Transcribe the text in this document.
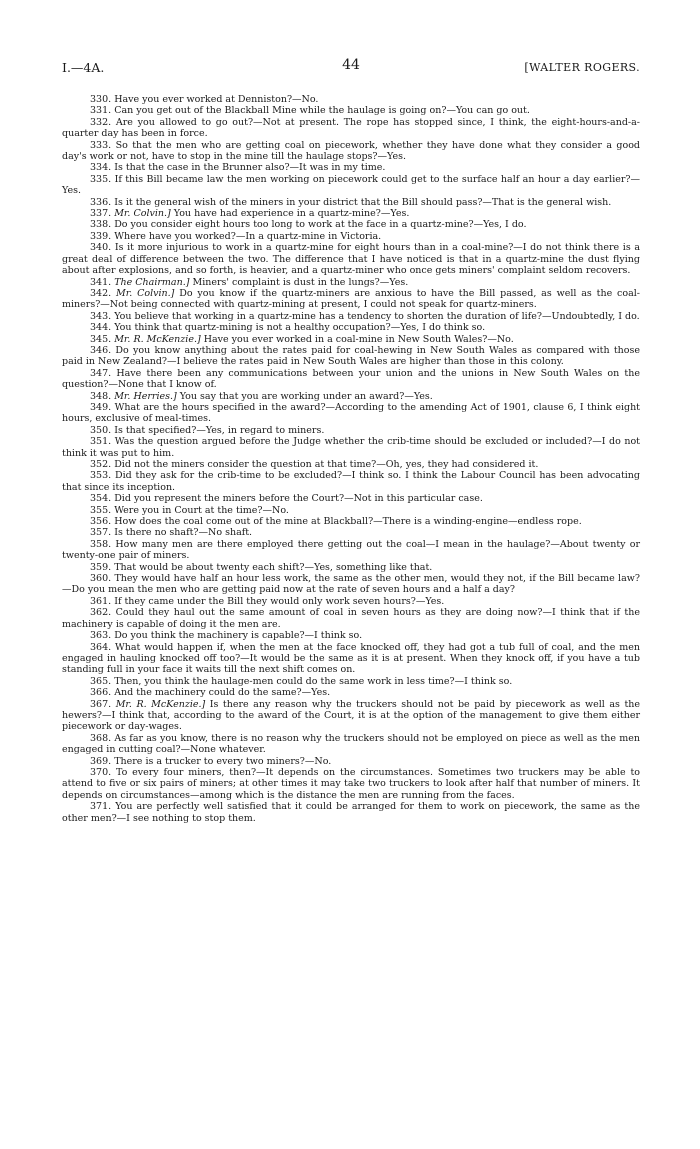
I.—4A.	44	[WALTER ROGERS.

330. Have you ever worked at Denniston?—No.

331. Can you get out of the Blackball Mine while the haulage is going on?—You can go out.

332. Are you allowed to go out?—Not at present. The rope has stopped since, I think, the eight-hours-and-a-quarter day has been in force.

333. So that the men who are getting coal on piecework, whether they have done what they consider a good day's work or not, have to stop in the mine till the haulage stops?—Yes.

334. Is that the case in the Brunner also?—It was in my time.

335. If this Bill became law the men working on piecework could get to the surface half an hour a day earlier?—Yes.

336. Is it the general wish of the miners in your district that the Bill should pass?—That is the general wish.

337. Mr. Colvin.] You have had experience in a quartz-mine?—Yes.

338. Do you consider eight hours too long to work at the face in a quartz-mine?—Yes, I do.

339. Where have you worked?—In a quartz-mine in Victoria.

340. Is it more injurious to work in a quartz-mine for eight hours than in a coal-mine?—I do not think there is a great deal of difference between the two. The difference that I have noticed is that in a quartz-mine the dust flying about after explosions, and so forth, is heavier, and a quartz-miner who once gets miners' complaint seldom recovers.

341. The Chairman.] Miners' complaint is dust in the lungs?—Yes.

342. Mr. Colvin.] Do you know if the quartz-miners are anxious to have the Bill passed, as well as the coal-miners?—Not being connected with quartz-mining at present, I could not speak for quartz-miners.

343. You believe that working in a quartz-mine has a tendency to shorten the duration of life?—Undoubtedly, I do.

344. You think that quartz-mining is not a healthy occupation?—Yes, I do think so.

345. Mr. R. McKenzie.] Have you ever worked in a coal-mine in New South Wales?—No.

346. Do you know anything about the rates paid for coal-hewing in New South Wales as compared with those paid in New Zealand?—I believe the rates paid in New South Wales are higher than those in this colony.

347. Have there been any communications between your union and the unions in New South Wales on the question?—None that I know of.

348. Mr. Herries.] You say that you are working under an award?—Yes.

349. What are the hours specified in the award?—According to the amending Act of 1901, clause 6, I think eight hours, exclusive of meal-times.

350. Is that specified?—Yes, in regard to miners.

351. Was the question argued before the Judge whether the crib-time should be excluded or included?—I do not think it was put to him.

352. Did not the miners consider the question at that time?—Oh, yes, they had considered it.

353. Did they ask for the crib-time to be excluded?—I think so. I think the Labour Council has been advocating that since its inception.

354. Did you represent the miners before the Court?—Not in this particular case.

355. Were you in Court at the time?—No.

356. How does the coal come out of the mine at Blackball?—There is a winding-engine—endless rope.

357. Is there no shaft?—No shaft.

358. How many men are there employed there getting out the coal—I mean in the haulage?—About twenty or twenty-one pair of miners.

359. That would be about twenty each shift?—Yes, something like that.

360. They would have half an hour less work, the same as the other men, would they not, if the Bill became law?—Do you mean the men who are getting paid now at the rate of seven hours and a half a day?

361. If they came under the Bill they would only work seven hours?—Yes.

362. Could they haul out the same amount of coal in seven hours as they are doing now?—I think that if the machinery is capable of doing it the men are.

363. Do you think the machinery is capable?—I think so.

364. What would happen if, when the men at the face knocked off, they had got a tub full of coal, and the men engaged in hauling knocked off too?—It would be the same as it is at present. When they knock off, if you have a tub standing full in your face it waits till the next shift comes on.

365. Then, you think the haulage-men could do the same work in less time?—I think so.

366. And the machinery could do the same?—Yes.

367. Mr. R. McKenzie.] Is there any reason why the truckers should not be paid by piecework as well as the hewers?—I think that, according to the award of the Court, it is at the option of the management to give them either piecework or day-wages.

368. As far as you know, there is no reason why the truckers should not be employed on piece as well as the men engaged in cutting coal?—None whatever.

369. There is a trucker to every two miners?—No.

370. To every four miners, then?—It depends on the circumstances. Sometimes two truckers may be able to attend to five or six pairs of miners; at other times it may take two truckers to look after half that number of miners. It depends on circumstances—among which is the distance the men are running from the faces.

371. You are perfectly well satisfied that it could be arranged for them to work on piecework, the same as the other men?—I see nothing to stop them.
